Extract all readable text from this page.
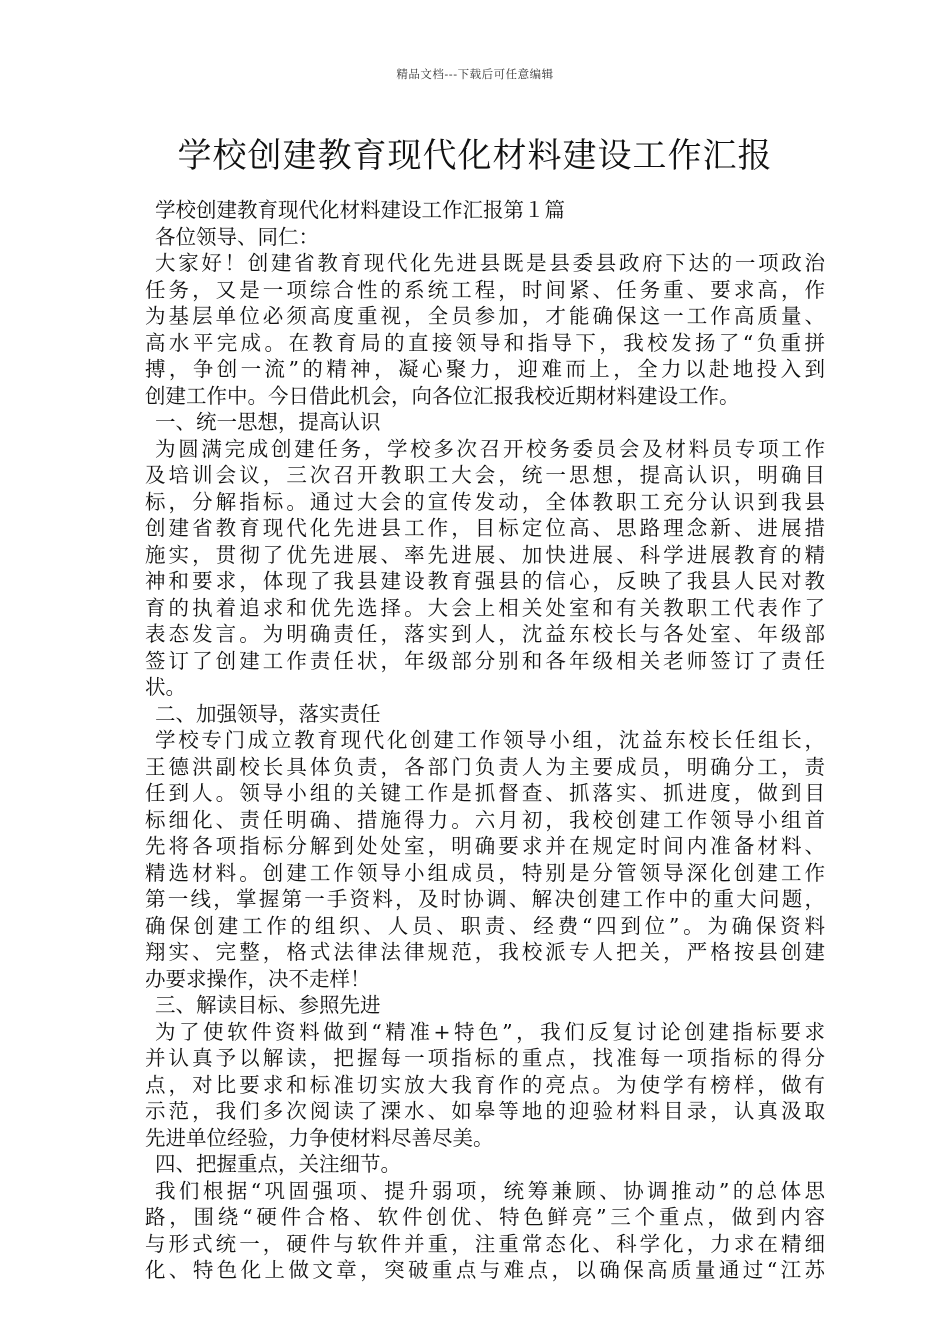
精品文档---下载后可任意编辑
学校创建教育现代化材料建设工作汇报
学校创建教育现代化材料建设工作汇报第１篇
各位领导、同仁：
大家好！创建省教育现代化先进县既是县委县政府下达的一项政治
任务，又是一项综合性的系统工程，时间紧、任务重、要求高，作
为基层单位必须高度重视，全员参加，才能确保这一工作高质量、
高水平完成。在教育局的直接领导和指导下，我校发扬了“负重拼
搏，争创一流”的精神，凝心聚力，迎难而上，全力以赴地投入到
创建工作中。今日借此机会，向各位汇报我校近期材料建设工作。
一、统一思想，提高认识
为圆满完成创建任务，学校多次召开校务委员会及材料员专项工作
及培训会议，三次召开教职工大会，统一思想，提高认识，明确目
标，分解指标。通过大会的宣传发动，全体教职工充分认识到我县
创建省教育现代化先进县工作，目标定位高、思路理念新、进展措
施实，贯彻了优先进展、率先进展、加快进展、科学进展教育的精
神和要求，体现了我县建设教育强县的信心，反映了我县人民对教
育的执着追求和优先选择。大会上相关处室和有关教职工代表作了
表态发言。为明确责任，落实到人，沈益东校长与各处室、年级部
签订了创建工作责任状，年级部分别和各年级相关老师签订了责任
状。
二、加强领导，落实责任
学校专门成立教育现代化创建工作领导小组，沈益东校长任组长，
王德洪副校长具体负责，各部门负责人为主要成员，明确分工，责
任到人。领导小组的关键工作是抓督查、抓落实、抓进度，做到目
标细化、责任明确、措施得力。六月初，我校创建工作领导小组首
先将各项指标分解到处处室，明确要求并在规定时间内准备材料、
精选材料。创建工作领导小组成员，特别是分管领导深化创建工作
第一线，掌握第一手资料，及时协调、解决创建工作中的重大问题，
确保创建工作的组织、人员、职责、经费“四到位”。为确保资料
翔实、完整，格式法律法律规范，我校派专人把关，严格按县创建
办要求操作，决不走样！
三、解读目标、参照先进
为了使软件资料做到“精准+特色”，我们反复讨论创建指标要求
并认真予以解读，把握每一项指标的重点，找准每一项指标的得分
点，对比要求和标准切实放大我育作的亮点。为使学有榜样，做有
示范，我们多次阅读了溧水、如皋等地的迎验材料目录，认真汲取
先进单位经验，力争使材料尽善尽美。
四、把握重点，关注细节。
我们根据“巩固强项、提升弱项，统筹兼顾、协调推动”的总体思
路，围绕“硬件合格、软件创优、特色鲜亮”三个重点，做到内容
与形式统一，硬件与软件并重，注重常态化、科学化，力求在精细
化、特色化上做文章，突破重点与难点，以确保高质量通过“江苏
